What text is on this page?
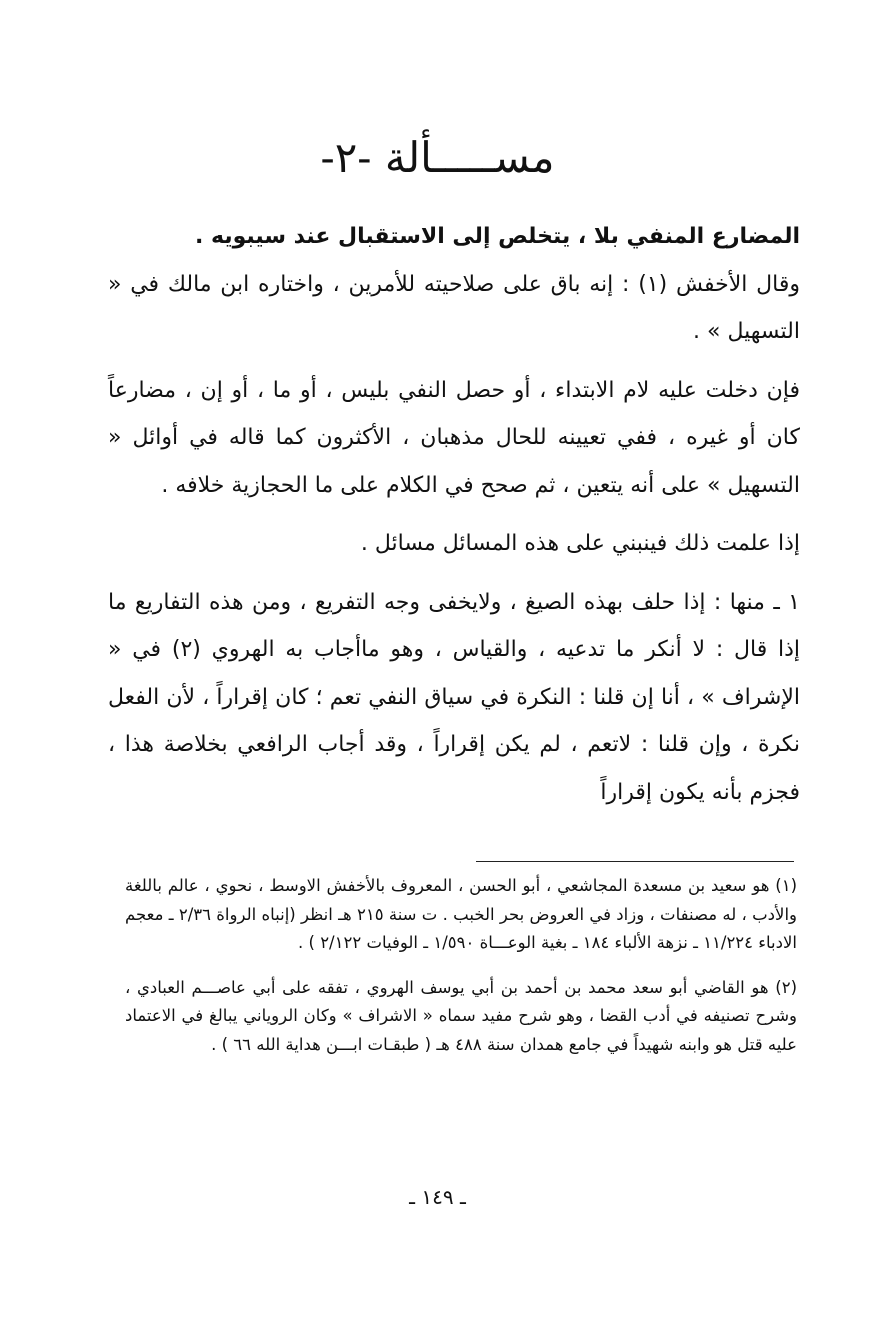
مســـــألة -٢-

المضارع المنفي بلا ، يتخلص إلى الاستقبال عند سيبويه .

وقال الأخفش (١) : إنه باق على صلاحيته للأمرين ، واختاره ابن مالك في « التسهيل » .

فإن دخلت عليه لام الابتداء ، أو حصل النفي بليس ، أو ما ، أو إن ، مضارعاً كان أو غيره ، ففي تعيينه للحال مذهبان ، الأكثرون كما قاله في أوائل « التسهيل » على أنه يتعين ، ثم صحح في الكلام على ما الحجازية خلافه .

إذا علمت ذلك فينبني على هذه المسائل مسائل .

١ ـ منها : إذا حلف بهذه الصيغ ، ولايخفى وجه التفريع ، ومن هذه التفاريع ما إذا قال : لا أنكر ما تدعيه ، والقياس ، وهو ماأجاب به الهروي (٢) في « الإشراف » ، أنا إن قلنا : النكرة في سياق النفي تعم ؛ كان إقراراً ، لأن الفعل نكرة ، وإن قلنا : لاتعم ، لم يكن إقراراً ، وقد أجاب الرافعي بخلاصة هذا ، فجزم بأنه يكون إقراراً

(١) هو سعيد بن مسعدة المجاشعي ، أبو الحسن ، المعروف بالأخفش الاوسط ، نحوي ، عالم باللغة والأدب ، له مصنفات ، وزاد في العروض بحر الخبب . ت سنة ٢١٥ هـ انظر (إنباه الرواة ٢/٣٦ ـ معجم الادباء ١١/٢٢٤ ـ نزهة الألباء ١٨٤ ـ بغية الوعـــاة ١/٥٩٠ ـ الوفيات ٢/١٢٢ ) .

(٢) هو القاضي أبو سعد محمد بن أحمد بن أبي يوسف الهروي ، تفقه على أبي عاصـــم العبادي ، وشرح تصنيفه في أدب القضا ، وهو شرح مفيد سماه « الاشراف » وكان الروياني يبالغ في الاعتماد عليه قتل هو وابنه شهيداً في جامع همدان سنة ٤٨٨ هـ ( طبقـات ابـــن هداية الله ٦٦ ) .

ـ ١٤٩ ـ
